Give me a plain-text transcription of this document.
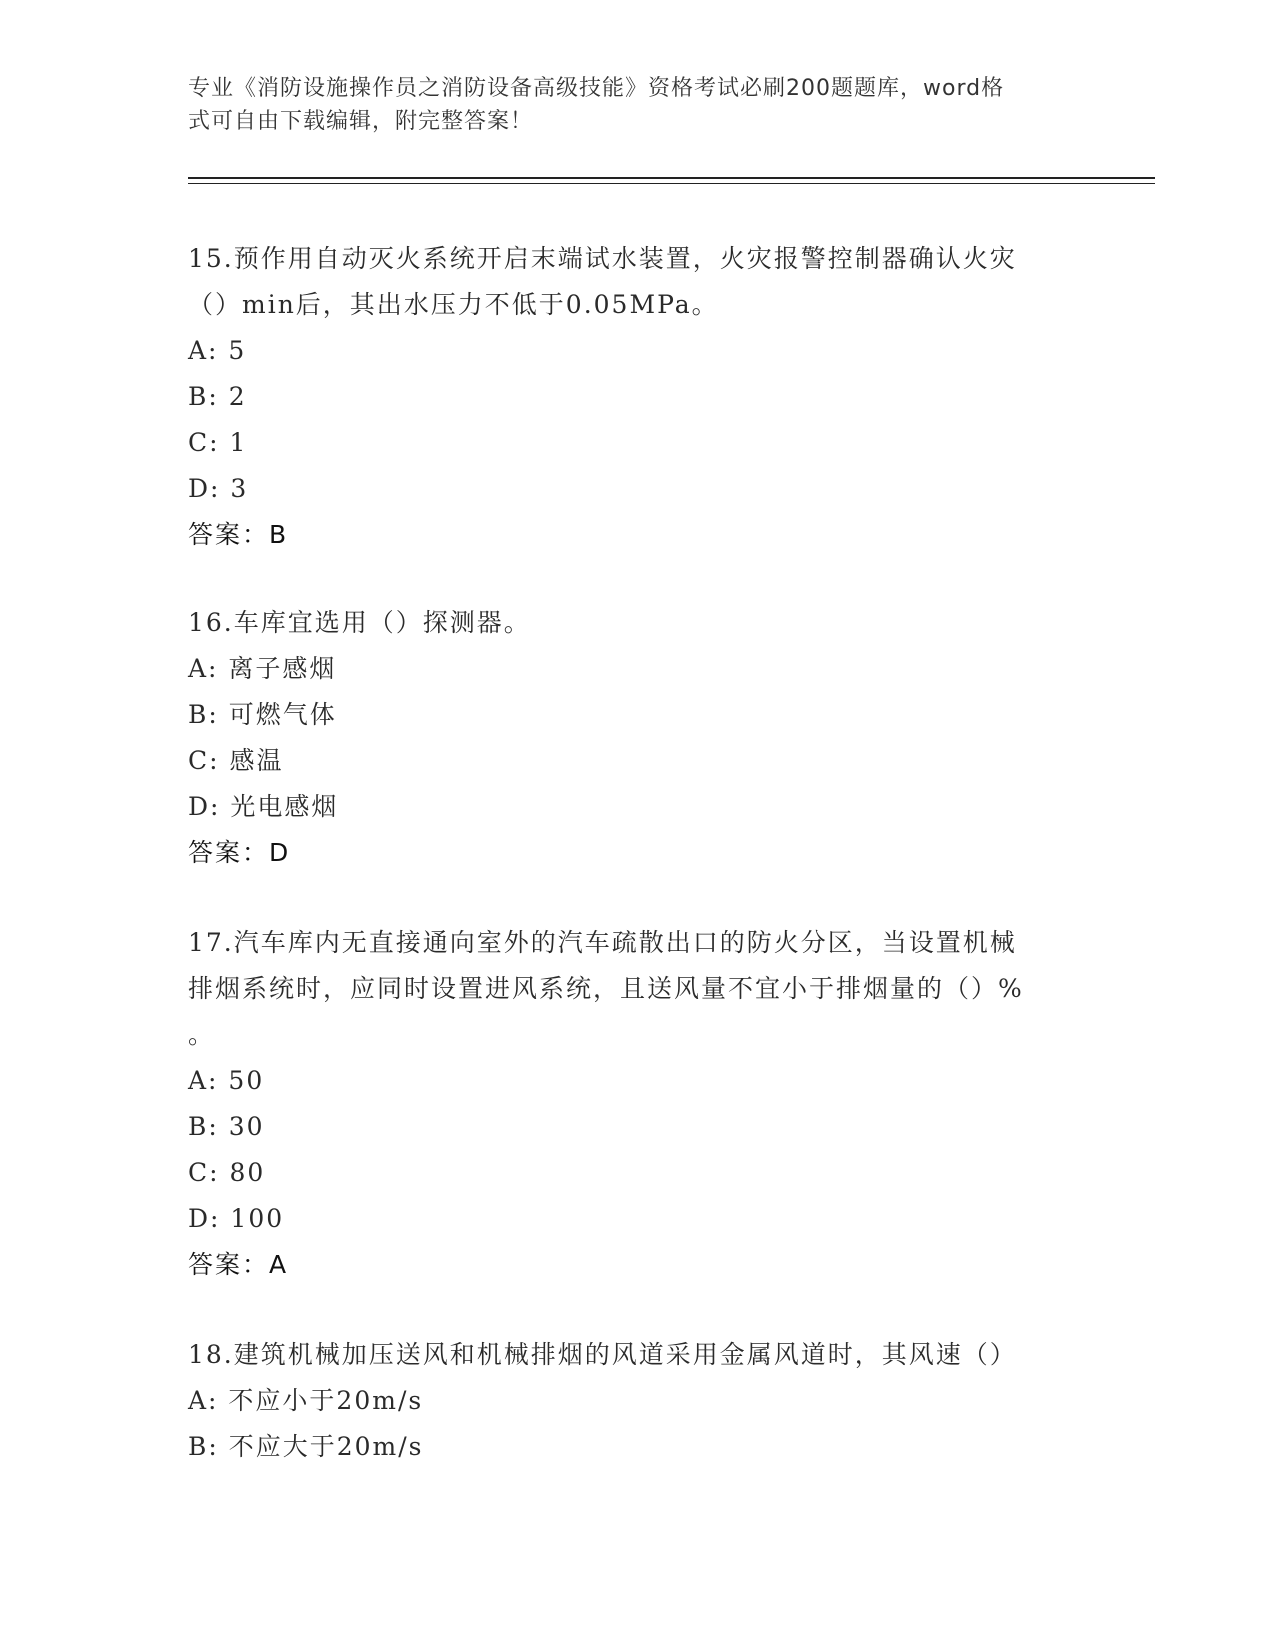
专业《消防设施操作员之消防设备高级技能》资格考试必刷200题题库，word格
式可自由下载编辑，附完整答案！

15.预作用自动灭火系统开启末端试水装置，火灾报警控制器确认火灾

（）min后，其出水压力不低于0.05MPa。

A: 5

B: 2

C: 1

D: 3

答案：B

16.车库宜选用（）探测器。

A: 离子感烟

B: 可燃气体

C: 感温

D: 光电感烟

答案：D

17.汽车库内无直接通向室外的汽车疏散出口的防火分区，当设置机械

排烟系统时，应同时设置进风系统，且送风量不宜小于排烟量的（）%

。

A: 50

B: 30

C: 80

D: 100

答案：A

18.建筑机械加压送风和机械排烟的风道采用金属风道时，其风速（）

A: 不应小于20m/s

B: 不应大于20m/s
